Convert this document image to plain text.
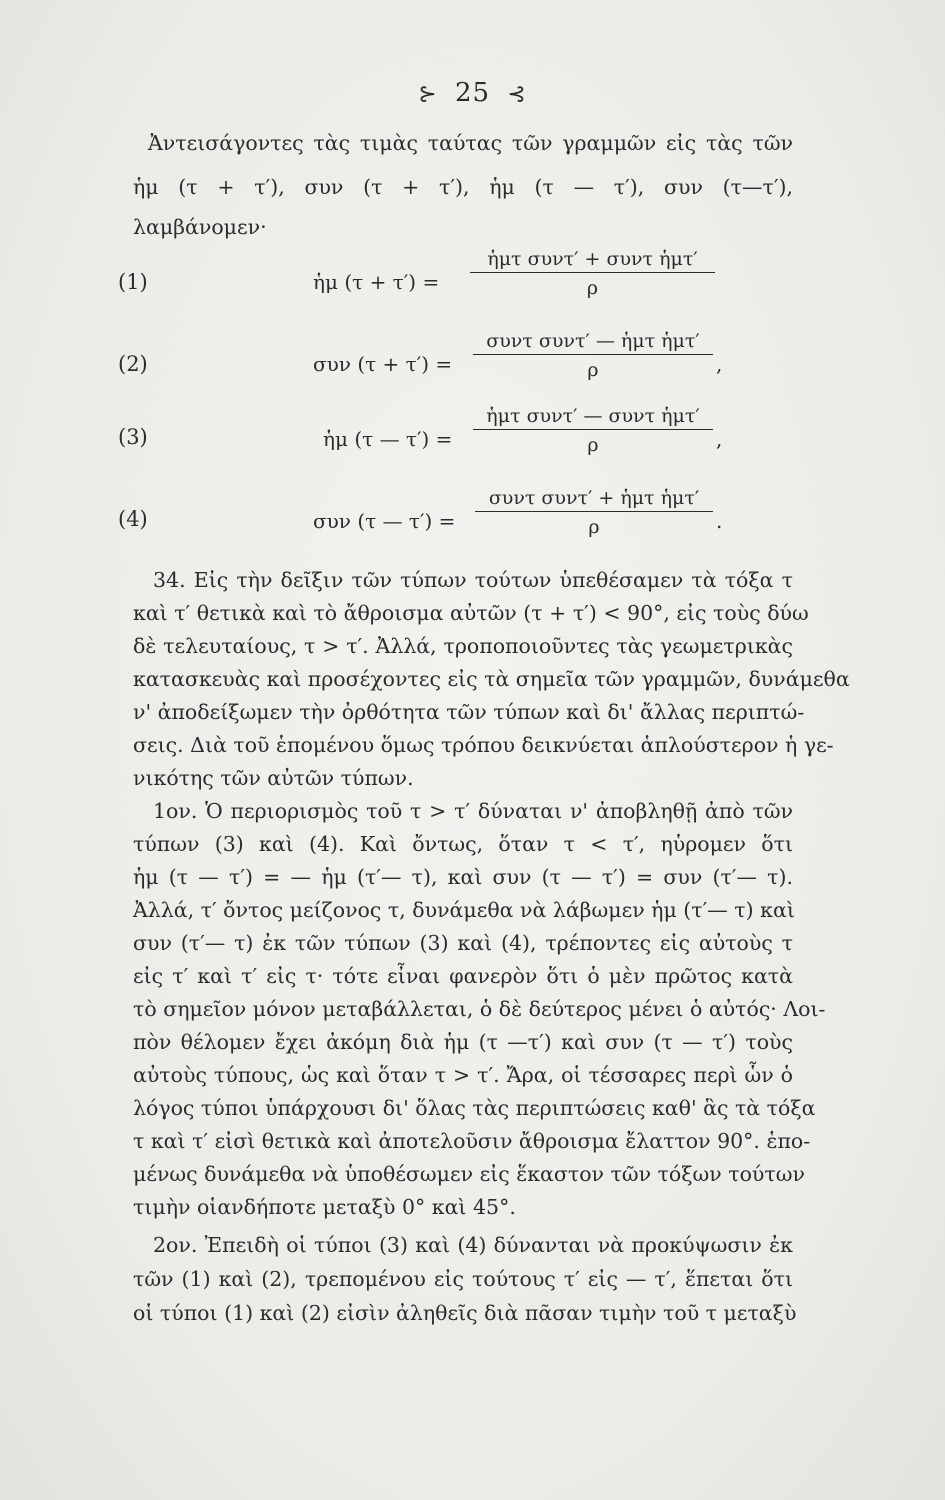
⊱ 25 ⊰
Ἀντεισάγοντες τὰς τιμὰς ταύτας τῶν γραμμῶν εἰς τὰς τῶν
ἡμ (τ + τ′), συν (τ + τ′), ἡμ (τ — τ′), συν (τ—τ′),
λαμβάνομεν·
(1)	ἡμ (τ + τ′) =
ἡμτ συντ′ + συντ ἡμτ′
ρ
(2)	συν (τ + τ′) =
συντ συντ′ — ἡμτ ἡμτ′
ρ	,
(3)	ἡμ (τ — τ′) =
ἡμτ συντ′ — συντ ἡμτ′
ρ	,
(4)	συν (τ — τ′) =
συντ συντ′ + ἡμτ ἡμτ′
ρ	.
34. Εἰς τὴν δεῖξιν τῶν τύπων τούτων ὑπεθέσαμεν τὰ τόξα τ
καὶ τ′ θετικὰ καὶ τὸ ἄθροισμα αὐτῶν (τ + τ′) < 90°, εἰς τοὺς δύω
δὲ τελευταίους, τ > τ′. Ἀλλά, τροποποιοῦντες τὰς γεωμετρικὰς
κατασκευὰς καὶ προσέχοντες εἰς τὰ σημεῖα τῶν γραμμῶν, δυνάμεθα
ν' ἀποδείξωμεν τὴν ὀρθότητα τῶν τύπων καὶ δι' ἄλλας περιπτώ-
σεις. Διὰ τοῦ ἑπομένου ὅμως τρόπου δεικνύεται ἁπλούστερον ἡ γε-
νικότης τῶν αὐτῶν τύπων.
1ον. Ὁ περιορισμὸς τοῦ τ > τ′ δύναται ν' ἀποβληθῇ ἀπὸ τῶν
τύπων (3) καὶ (4). Καὶ ὄντως, ὅταν τ < τ′, ηὑρομεν ὅτι
ἡμ (τ — τ′) = — ἡμ (τ′— τ), καὶ συν (τ — τ′) = συν (τ′— τ).
Ἀλλά, τ′ ὄντος μείζονος τ, δυνάμεθα νὰ λάβωμεν ἡμ (τ′— τ) καὶ
συν (τ′— τ) ἐκ τῶν τύπων (3) καὶ (4), τρέποντες εἰς αὐτοὺς τ
εἰς τ′ καὶ τ′ εἰς τ· τότε εἶναι φανερὸν ὅτι ὁ μὲν πρῶτος κατὰ
τὸ σημεῖον μόνον μεταβάλλεται, ὁ δὲ δεύτερος μένει ὁ αὐτός· Λοι-
πὸν θέλομεν ἔχει ἀκόμη διὰ ἡμ (τ —τ′) καὶ συν (τ — τ′) τοὺς
αὐτοὺς τύπους, ὡς καὶ ὅταν τ > τ′. Ἄρα, οἱ τέσσαρες περὶ ὧν ὁ
λόγος τύποι ὑπάρχουσι δι' ὅλας τὰς περιπτώσεις καθ' ἃς τὰ τόξα
τ καὶ τ′ εἰσὶ θετικὰ καὶ ἀποτελοῦσιν ἄθροισμα ἔλαττον 90°. ἑπο-
μένως δυνάμεθα νὰ ὑποθέσωμεν εἰς ἕκαστον τῶν τόξων τούτων
τιμὴν οἱανδήποτε μεταξὺ 0° καὶ 45°.
2ον. Ἐπειδὴ οἱ τύποι (3) καὶ (4) δύνανται νὰ προκύψωσιν ἐκ
τῶν (1) καὶ (2), τρεπομένου εἰς τούτους τ′ εἰς — τ′, ἕπεται ὅτι
οἱ τύποι (1) καὶ (2) εἰσὶν ἀληθεῖς διὰ πᾶσαν τιμὴν τοῦ τ μεταξὺ
